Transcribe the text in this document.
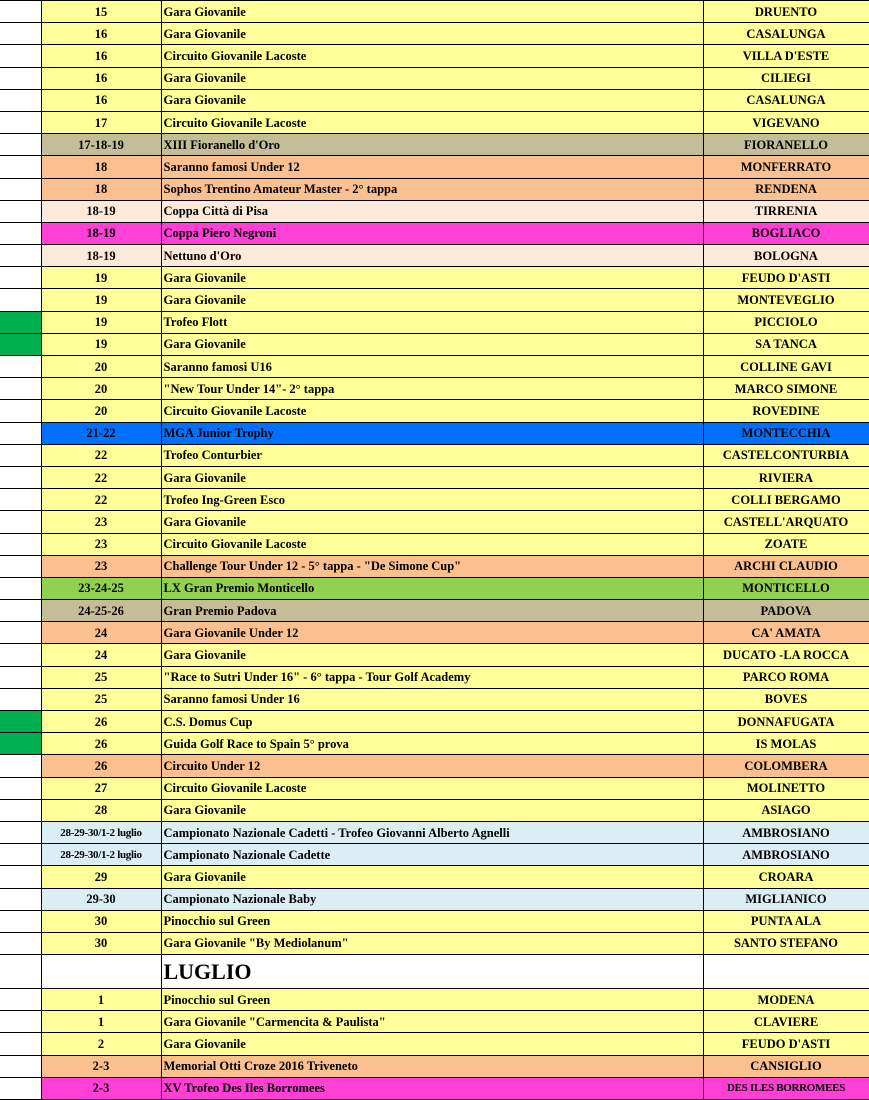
	15	Gara Giovanile	DRUENTO
	16	Gara Giovanile	CASALUNGA
	16	Circuito Giovanile Lacoste	VILLA D'ESTE
	16	Gara Giovanile	CILIEGI
	16	Gara Giovanile	CASALUNGA
	17	Circuito Giovanile Lacoste	VIGEVANO
	17-18-19	XIII Fioranello d'Oro	FIORANELLO
	18	Saranno famosi Under 12	MONFERRATO
	18	Sophos Trentino Amateur Master - 2° tappa	RENDENA
	18-19	Coppa Città di Pisa	TIRRENIA
	18-19	Coppa Piero Negroni	BOGLIACO
	18-19	Nettuno d'Oro	BOLOGNA
	19	Gara Giovanile	FEUDO D'ASTI
	19	Gara Giovanile	MONTEVEGLIO
	19	Trofeo Flott	PICCIOLO
	19	Gara Giovanile	SA TANCA
	20	Saranno famosi U16	COLLINE GAVI
	20	"New Tour Under 14"- 2° tappa	MARCO SIMONE
	20	Circuito Giovanile Lacoste	ROVEDINE
	21-22	MGA Junior Trophy	MONTECCHIA
	22	Trofeo Conturbier	CASTELCONTURBIA
	22	Gara Giovanile	RIVIERA
	22	Trofeo Ing-Green Esco	COLLI BERGAMO
	23	Gara Giovanile	CASTELL'ARQUATO
	23	Circuito Giovanile Lacoste	ZOATE
	23	Challenge Tour Under 12 - 5° tappa - "De Simone Cup"	ARCHI CLAUDIO
	23-24-25	LX Gran Premio Monticello	MONTICELLO
	24-25-26	Gran Premio Padova	PADOVA
	24	Gara Giovanile Under 12	CA' AMATA
	24	Gara Giovanile	DUCATO -LA ROCCA
	25	"Race to Sutri Under 16" - 6° tappa - Tour Golf Academy	PARCO ROMA
	25	Saranno famosi Under 16	BOVES
	26	C.S. Domus Cup	DONNAFUGATA
	26	Guida Golf Race to Spain 5° prova	IS MOLAS
	26	Circuito Under 12	COLOMBERA
	27	Circuito Giovanile Lacoste	MOLINETTO
	28	Gara Giovanile	ASIAGO
	28-29-30/1-2 luglio	Campionato Nazionale Cadetti - Trofeo Giovanni Alberto Agnelli	AMBROSIANO
	28-29-30/1-2 luglio	Campionato Nazionale Cadette	AMBROSIANO
	29	Gara Giovanile	CROARA
	29-30	Campionato Nazionale Baby	MIGLIANICO
	30	Pinocchio sul Green	PUNTA ALA
	30	Gara Giovanile "By Mediolanum"	SANTO STEFANO
		LUGLIO	
	1	Pinocchio sul Green	MODENA
	1	Gara Giovanile "Carmencita & Paulista"	CLAVIERE
	2	Gara Giovanile	FEUDO D'ASTI
	2-3	Memorial Otti Croze 2016 Triveneto	CANSIGLIO
	2-3	XV Trofeo Des Iles Borromees	DES ILES BORROMEES
